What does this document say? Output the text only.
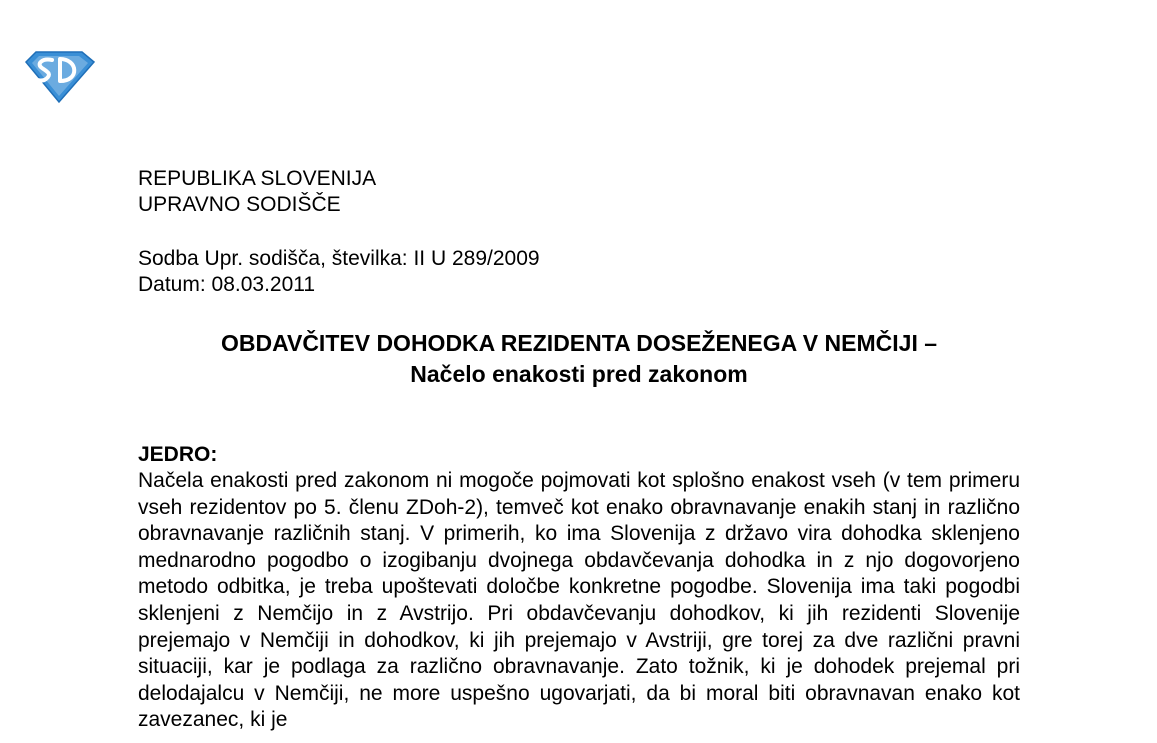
REPUBLIKA SLOVENIJA
UPRAVNO SODIŠČE
Sodba Upr. sodišča, številka: II U 289/2009
Datum: 08.03.2011
OBDAVČITEV DOHODKA REZIDENTA DOSEŽENEGA V NEMČIJI –
Načelo enakosti pred zakonom
JEDRO:
Načela enakosti pred zakonom ni mogoče pojmovati kot splošno enakost vseh (v tem primeru vseh rezidentov po 5. členu ZDoh-2), temveč kot enako obravnavanje enakih stanj in različno obravnavanje različnih stanj. V primerih, ko ima Slovenija z državo vira dohodka sklenjeno mednarodno pogodbo o izogibanju dvojnega obdavčevanja dohodka in z njo dogovorjeno metodo odbitka, je treba upoštevati določbe konkretne pogodbe. Slovenija ima taki pogodbi sklenjeni z Nemčijo in z Avstrijo. Pri obdavčevanju dohodkov, ki jih rezidenti Slovenije prejemajo v Nemčiji in dohodkov, ki jih prejemajo v Avstriji, gre torej za dve različni pravni situaciji, kar je podlaga za različno obravnavanje. Zato tožnik, ki je dohodek prejemal pri delodajalcu v Nemčiji, ne more uspešno ugovarjati, da bi moral biti obravnavan enako kot zavezanec, ki je
